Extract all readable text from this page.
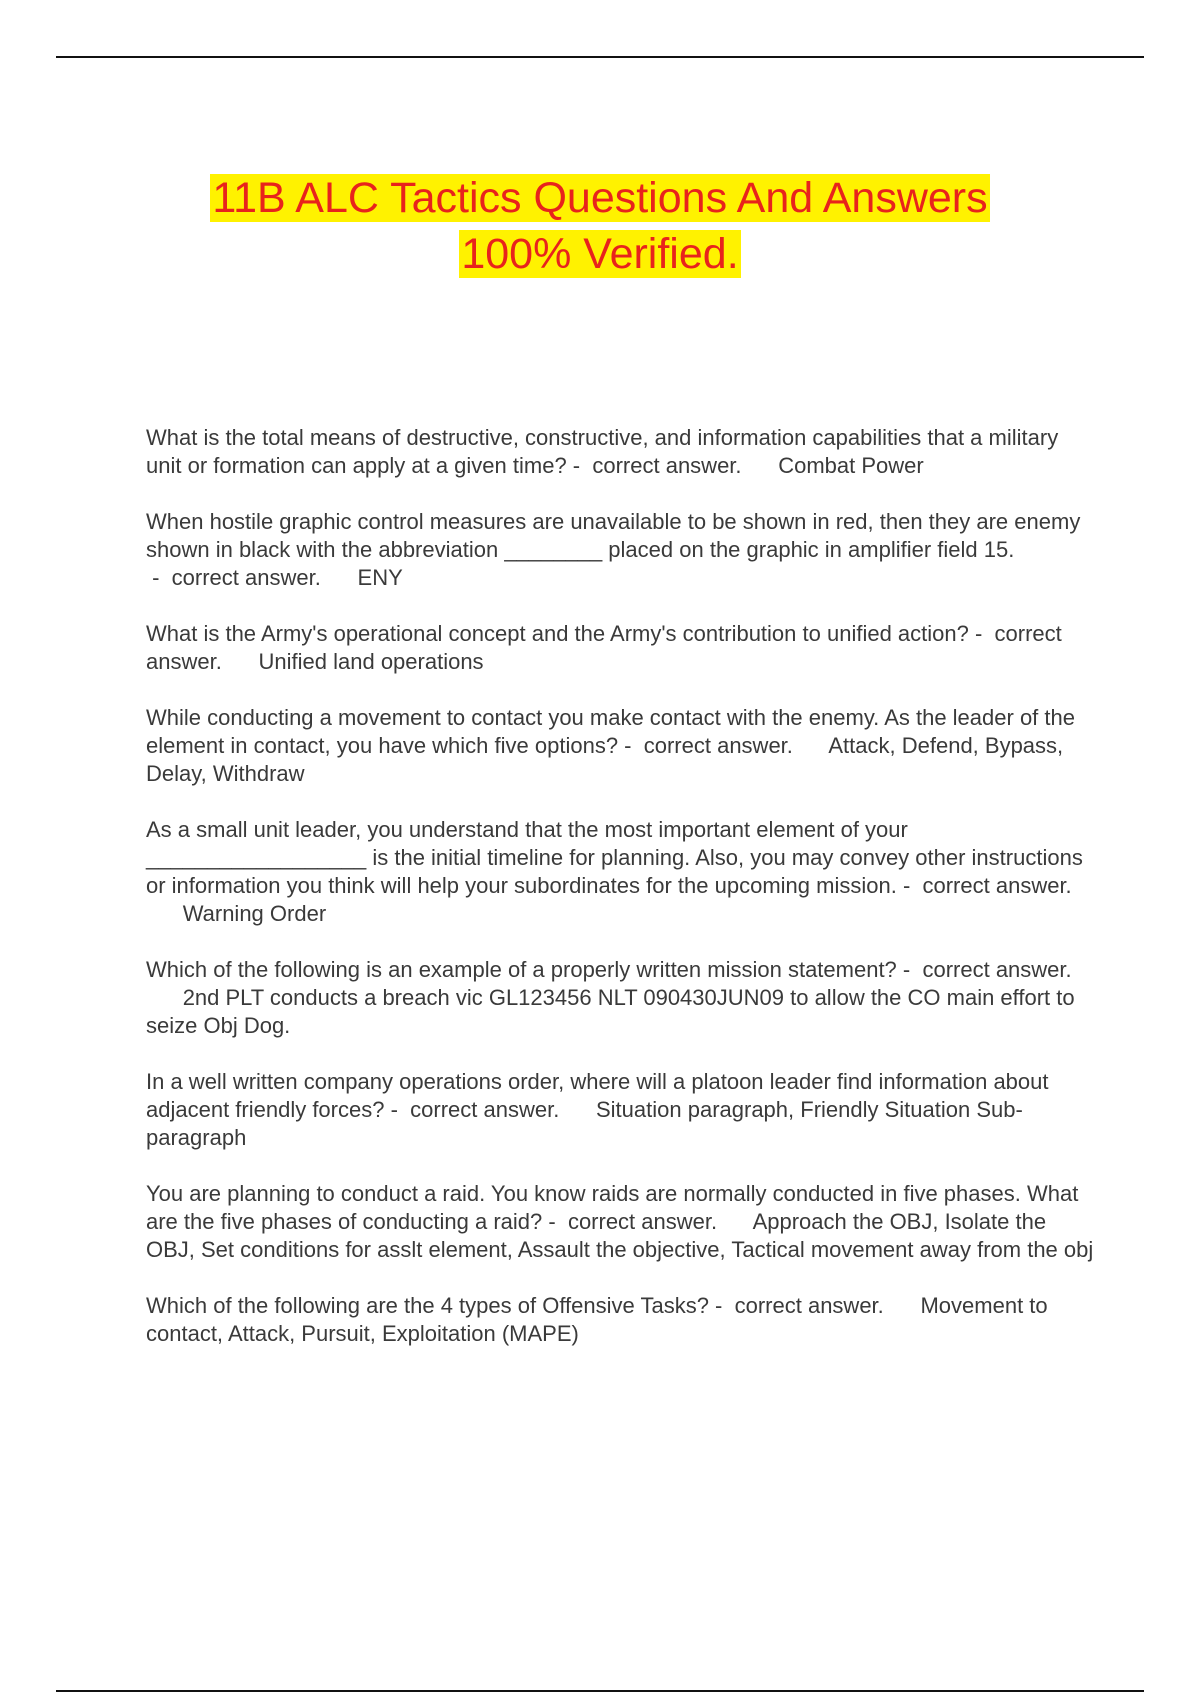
11B ALC Tactics Questions And Answers
100% Verified.

What is the total means of destructive, constructive, and information capabilities that a military unit or formation can apply at a given time? -  correct answer. Combat Power

When hostile graphic control measures are unavailable to be shown in red, then they are enemy shown in black with the abbreviation ________ placed on the graphic in amplifier field 15. -  correct answer. ENY

What is the Army's operational concept and the Army's contribution to unified action? -  correct answer. Unified land operations

While conducting a movement to contact you make contact with the enemy. As the leader of the element in contact, you have which five options? -  correct answer. Attack, Defend, Bypass, Delay, Withdraw

As a small unit leader, you understand that the most important element of your __________________ is the initial timeline for planning. Also, you may convey other instructions or information you think will help your subordinates for the upcoming mission. -  correct answer.      Warning Order

Which of the following is an example of a properly written mission statement? -  correct answer.      2nd PLT conducts a breach vic GL123456 NLT 090430JUN09 to allow the CO main effort to seize Obj Dog.

In a well written company operations order, where will a platoon leader find information about adjacent friendly forces? -  correct answer. Situation paragraph, Friendly Situation Sub-paragraph

You are planning to conduct a raid. You know raids are normally conducted in five phases. What are the five phases of conducting a raid? -  correct answer. Approach the OBJ, Isolate the OBJ, Set conditions for asslt element, Assault the objective, Tactical movement away from the obj

Which of the following are the 4 types of Offensive Tasks? -  correct answer. Movement to contact, Attack, Pursuit, Exploitation (MAPE)
